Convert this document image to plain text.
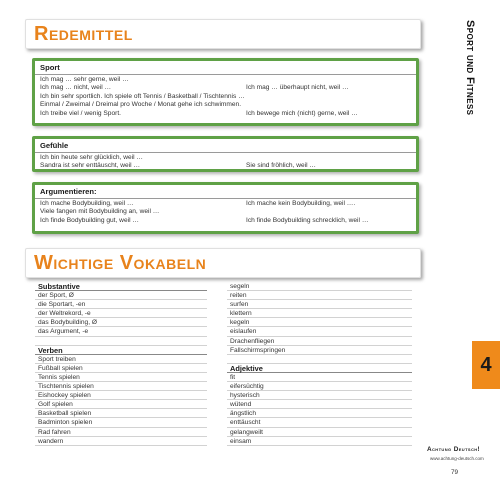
Redemittel
Sport
Ich mag … sehr gerne, weil …
Ich mag … nicht, weil …	Ich mag … überhaupt nicht, weil …
Ich bin sehr sportlich. Ich spiele oft Tennis / Basketball / Tischtennis …
Einmal / Zweimal / Dreimal pro Woche / Monat gehe ich schwimmen.
Ich treibe viel / wenig Sport.	Ich bewege mich (nicht) gerne, weil …
Gefühle
Ich bin heute sehr glücklich, weil …
Sandra ist sehr enttäuscht, weil …	Sie sind fröhlich, weil …
Argumentieren:
Ich mache Bodybuilding, weil …	Ich mache kein Bodybuilding, weil ….
Viele fangen mit Bodybuilding an, weil …
Ich finde Bodybuilding gut, weil …	Ich finde Bodybuilding schrecklich, weil …
Wichtige Vokabeln
Substantive
der Sport, Ø
die Sportart, -en
der Weltrekord, -e
das Bodybuilding, Ø
das Argument, -e
Verben
Sport treiben
Fußball spielen
Tennis spielen
Tischtennis spielen
Eishockey spielen
Golf spielen
Basketball spielen
Badminton spielen
Rad fahren
wandern
segeln
reiten
surfen
klettern
kegeln
eislaufen
Drachenfliegen
Fallschirmspringen
Adjektive
fit
eifersüchtig
hysterisch
wütend
ängstlich
enttäuscht
gelangweilt
einsam
Sport und Fitness
4
Achtung Deutsch!
www.achtung-deutsch.com
79
